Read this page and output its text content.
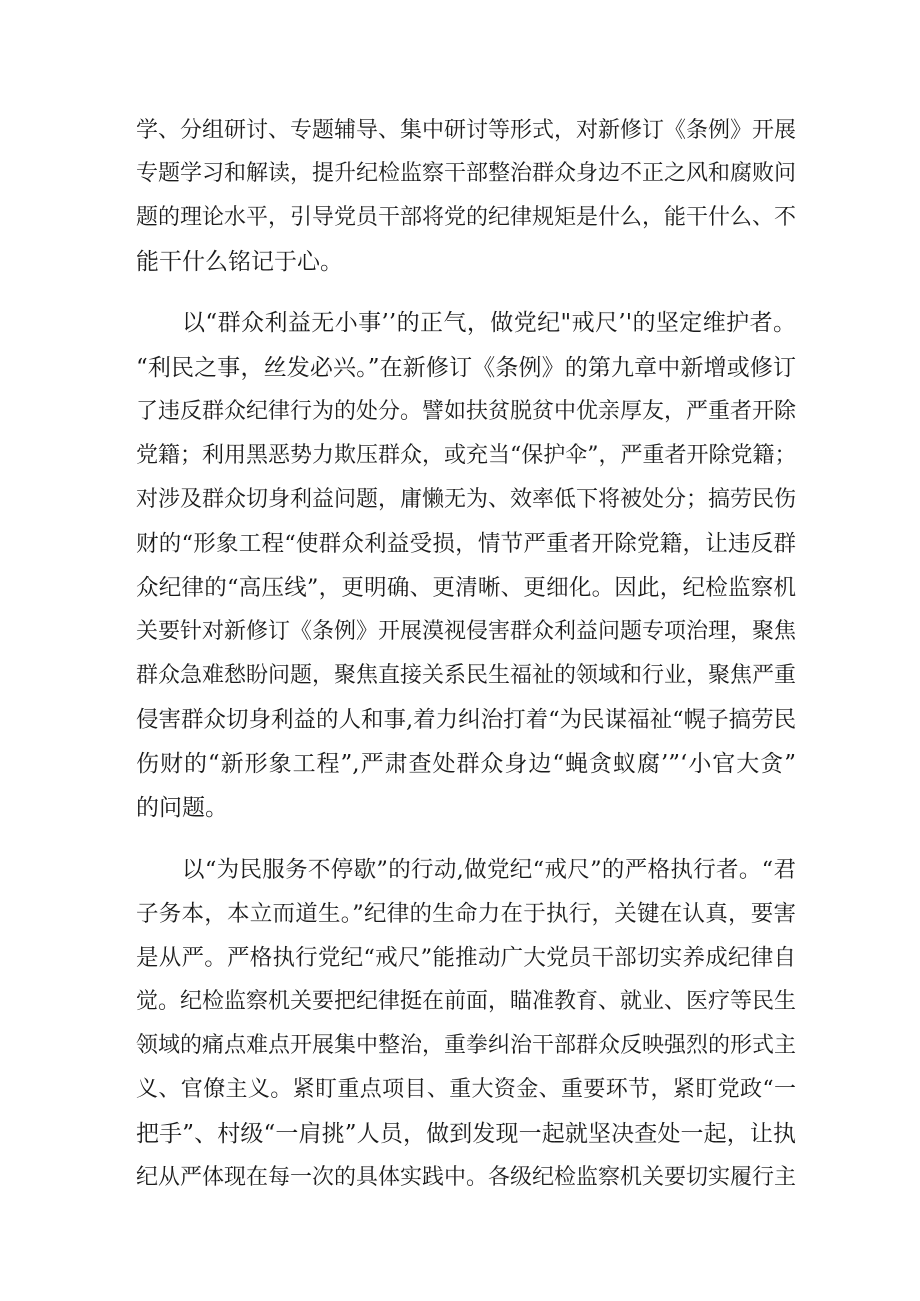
学、分组研讨、专题辅导、集中研讨等形式，对新修订《条例》开展

专题学习和解读，提升纪检监察干部整治群众身边不正之风和腐败问

题的理论水平，引导党员干部将党的纪律规矩是什么，能干什么、不

能干什么铭记于心。

以“群众利益无小事’’的正气，做党纪"戒尺’'的坚定维护者。

“利民之事，丝发必兴。”在新修订《条例》的第九章中新增或修订

了违反群众纪律行为的处分。譬如扶贫脱贫中优亲厚友，严重者开除

党籍；利用黑恶势力欺压群众，或充当“保护伞”，严重者开除党籍；

对涉及群众切身利益问题，庸懒无为、效率低下将被处分；搞劳民伤

财的“形象工程“使群众利益受损，情节严重者开除党籍，让违反群

众纪律的“高压线”，更明确、更清晰、更细化。因此，纪检监察机

关要针对新修订《条例》开展漠视侵害群众利益问题专项治理，聚焦

群众急难愁盼问题，聚焦直接关系民生福祉的领域和行业，聚焦严重

侵害群众切身利益的人和事,着力纠治打着“为民谋福祉“幌子搞劳民

伤财的“新形象工程”,严肃查处群众身边“蝇贪蚁腐’”‘小官大贪”

的问题。

以“为民服务不停歇”的行动,做党纪“戒尺”的严格执行者。“君

子务本，本立而道生。”纪律的生命力在于执行，关键在认真，要害

是从严。严格执行党纪“戒尺”能推动广大党员干部切实养成纪律自

觉。纪检监察机关要把纪律挺在前面，瞄准教育、就业、医疗等民生

领域的痛点难点开展集中整治，重拳纠治干部群众反映强烈的形式主

义、官僚主义。紧盯重点项目、重大资金、重要环节，紧盯党政“一

把手”、村级“一肩挑”人员，做到发现一起就坚决查处一起，让执

纪从严体现在每一次的具体实践中。各级纪检监察机关要切实履行主
